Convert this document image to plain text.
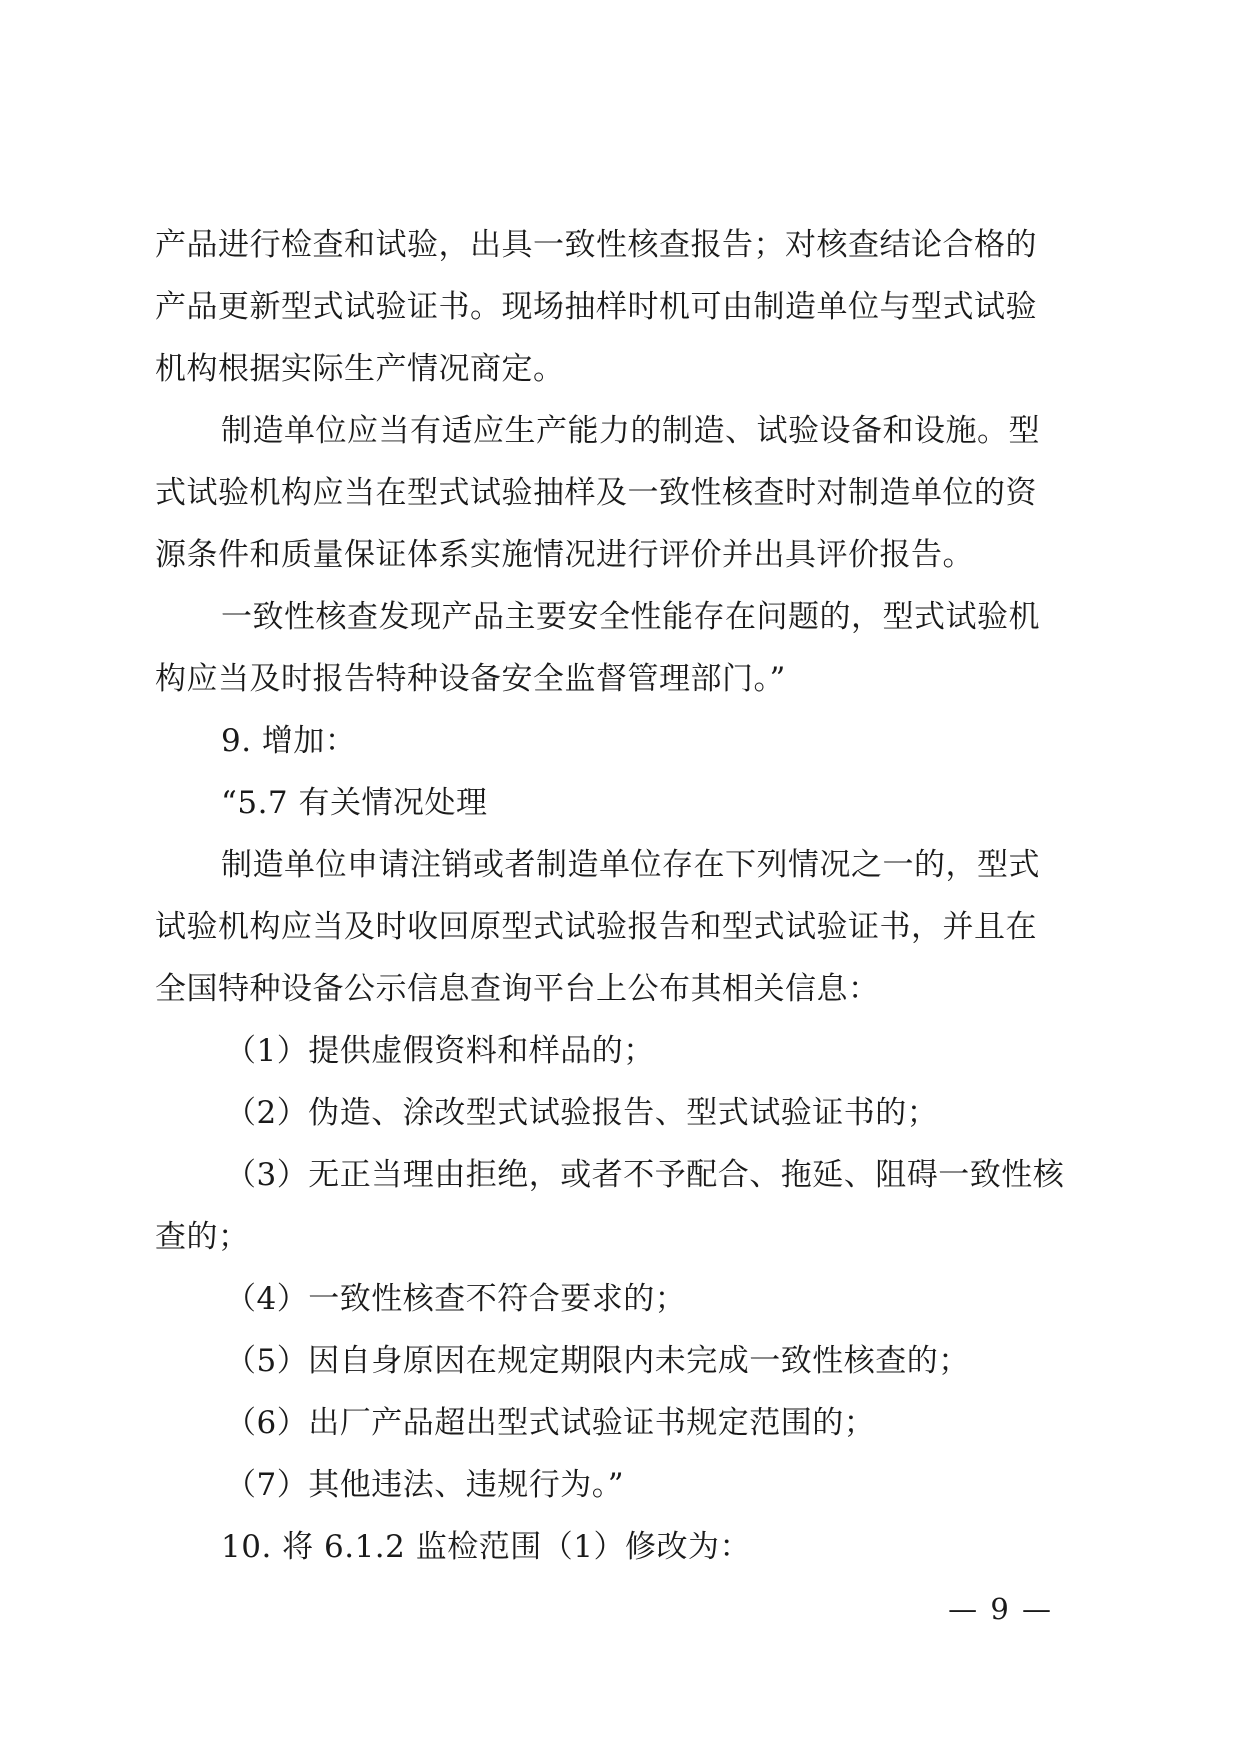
产品进行检查和试验，出具一致性核查报告；对核查结论合格的
产品更新型式试验证书。现场抽样时机可由制造单位与型式试验
机构根据实际生产情况商定。
制造单位应当有适应生产能力的制造、试验设备和设施。型
式试验机构应当在型式试验抽样及一致性核查时对制造单位的资
源条件和质量保证体系实施情况进行评价并出具评价报告。
一致性核查发现产品主要安全性能存在问题的，型式试验机
构应当及时报告特种设备安全监督管理部门。”
9. 增加：
“5.7 有关情况处理
制造单位申请注销或者制造单位存在下列情况之一的，型式
试验机构应当及时收回原型式试验报告和型式试验证书，并且在
全国特种设备公示信息查询平台上公布其相关信息：
（1）提供虚假资料和样品的；
（2）伪造、涂改型式试验报告、型式试验证书的；
（3）无正当理由拒绝，或者不予配合、拖延、阻碍一致性核
查的；
（4）一致性核查不符合要求的；
（5）因自身原因在规定期限内未完成一致性核查的；
（6）出厂产品超出型式试验证书规定范围的；
（7）其他违法、违规行为。”
10. 将 6.1.2 监检范围（1）修改为：
— 9 —
